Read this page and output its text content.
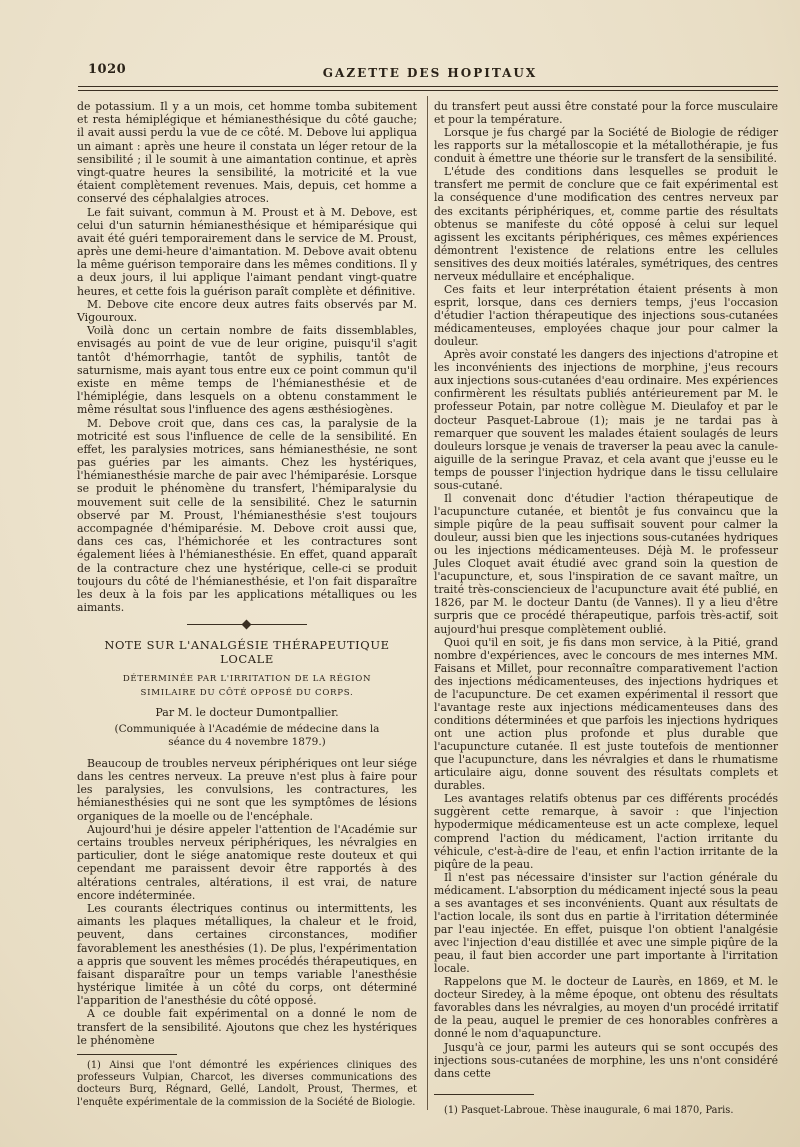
1020	GAZETTE DES HOPITAUX

de potassium. Il y a un mois, cet homme tomba subitement et resta hémiplégique et hémianesthésique du côté gauche; il avait aussi perdu la vue de ce côté. M. Debove lui appliqua un aimant : après une heure il constata un léger retour de la sensibilité ; il le soumit à une aimantation continue, et après vingt-quatre heures la sensibilité, la motricité et la vue étaient complètement revenues. Mais, depuis, cet homme a conservé des céphalalgies atroces.

Le fait suivant, commun à M. Proust et à M. Debove, est celui d'un saturnin hémianesthésique et hémiparésique qui avait été guéri temporairement dans le service de M. Proust, après une demi-heure d'aimantation. M. Debove avait obtenu la même guérison temporaire dans les mêmes conditions. Il y a deux jours, il lui applique l'aimant pendant vingt-quatre heures, et cette fois la guérison paraît complète et définitive.

M. Debove cite encore deux autres faits observés par M. Vigouroux.

Voilà donc un certain nombre de faits dissemblables, envisagés au point de vue de leur origine, puisqu'il s'agit tantôt d'hémorrhagie, tantôt de syphilis, tantôt de saturnisme, mais ayant tous entre eux ce point commun qu'il existe en même temps de l'hémianesthésie et de l'hémiplégie, dans lesquels on a obtenu constamment le même résultat sous l'influence des agens æsthésiogènes.

M. Debove croit que, dans ces cas, la paralysie de la motricité est sous l'influence de celle de la sensibilité. En effet, les paralysies motrices, sans hémianesthésie, ne sont pas guéries par les aimants. Chez les hystériques, l'hémianesthésie marche de pair avec l'hémiparésie. Lorsque se produit le phénomène du transfert, l'hémiparalysie du mouvement suit celle de la sensibilité. Chez le saturnin observé par M. Proust, l'hémianesthésie s'est toujours accompagnée d'hémiparésie. M. Debove croit aussi que, dans ces cas, l'hémichorée et les contractures sont également liées à l'hémianesthésie. En effet, quand apparaît de la contracture chez une hystérique, celle-ci se produit toujours du côté de l'hémianesthésie, et l'on fait disparaître les deux à la fois par les applications métalliques ou les aimants.

NOTE SUR L'ANALGÉSIE THÉRAPEUTIQUE LOCALE
DÉTERMINÉE PAR L'IRRITATION DE LA RÉGION SIMILAIRE DU CÔTÉ OPPOSÉ DU CORPS.
Par M. le docteur Dumontpallier.
(Communiquée à l'Académie de médecine dans la séance du 4 novembre 1879.)

Beaucoup de troubles nerveux périphériques ont leur siége dans les centres nerveux. La preuve n'est plus à faire pour les paralysies, les convulsions, les contractures, les hémianesthésies qui ne sont que les symptômes de lésions organiques de la moelle ou de l'encéphale.

Aujourd'hui je désire appeler l'attention de l'Académie sur certains troubles nerveux périphériques, les névralgies en particulier, dont le siége anatomique reste douteux et qui cependant me paraissent devoir être rapportés à des altérations centrales, altérations, il est vrai, de nature encore indéterminée.

Les courants électriques continus ou intermittents, les aimants les plaques métalliques, la chaleur et le froid, peuvent, dans certaines circonstances, modifier favorablement les anesthésies (1). De plus, l'expérimentation a appris que souvent les mêmes procédés thérapeutiques, en faisant disparaître pour un temps variable l'anesthésie hystérique limitée à un côté du corps, ont déterminé l'apparition de l'anesthésie du côté opposé.

A ce double fait expérimental on a donné le nom de transfert de la sensibilité. Ajoutons que chez les hystériques le phénomène

(1) Ainsi que l'ont démontré les expériences cliniques des professeurs Vulpian, Charcot, les diverses communications des docteurs Burq, Régnard, Gellé, Landolt, Proust, Thermes, et l'enquête expérimentale de la commission de la Société de Biologie.

du transfert peut aussi être constaté pour la force musculaire et pour la température.

Lorsque je fus chargé par la Société de Biologie de rédiger les rapports sur la métalloscopie et la métallothérapie, je fus conduit à émettre une théorie sur le transfert de la sensibilité.

L'étude des conditions dans lesquelles se produit le transfert me permit de conclure que ce fait expérimental est la conséquence d'une modification des centres nerveux par des excitants périphériques, et, comme partie des résultats obtenus se manifeste du côté opposé à celui sur lequel agissent les excitants périphériques, ces mêmes expériences démontrent l'existence de relations entre les cellules sensitives des deux moitiés latérales, symétriques, des centres nerveux médullaire et encéphalique.

Ces faits et leur interprétation étaient présents à mon esprit, lorsque, dans ces derniers temps, j'eus l'occasion d'étudier l'action thérapeutique des injections sous-cutanées médicamenteuses, employées chaque jour pour calmer la douleur.

Après avoir constaté les dangers des injections d'atropine et les inconvénients des injections de morphine, j'eus recours aux injections sous-cutanées d'eau ordinaire. Mes expériences confirmèrent les résultats publiés antérieurement par M. le professeur Potain, par notre collègue M. Dieulafoy et par le docteur Pasquet-Labroue (1); mais je ne tardai pas à remarquer que souvent les malades étaient soulagés de leurs douleurs lorsque je venais de traverser la peau avec la canule-aiguille de la seringue Pravaz, et cela avant que j'eusse eu le temps de pousser l'injection hydrique dans le tissu cellulaire sous-cutané.

Il convenait donc d'étudier l'action thérapeutique de l'acupuncture cutanée, et bientôt je fus convaincu que la simple piqûre de la peau suffisait souvent pour calmer la douleur, aussi bien que les injections sous-cutanées hydriques ou les injections médicamenteuses. Déjà M. le professeur Jules Cloquet avait étudié avec grand soin la question de l'acupuncture, et, sous l'inspiration de ce savant maître, un traité très-consciencieux de l'acupuncture avait été publié, en 1826, par M. le docteur Dantu (de Vannes). Il y a lieu d'être surpris que ce procédé thérapeutique, parfois très-actif, soit aujourd'hui presque complètement oublié.

Quoi qu'il en soit, je fis dans mon service, à la Pitié, grand nombre d'expériences, avec le concours de mes internes MM. Faisans et Millet, pour reconnaître comparativement l'action des injections médicamenteuses, des injections hydriques et de l'acupuncture. De cet examen expérimental il ressort que l'avantage reste aux injections médicamenteuses dans des conditions déterminées et que parfois les injections hydriques ont une action plus profonde et plus durable que l'acupuncture cutanée. Il est juste toutefois de mentionner que l'acupuncture, dans les névralgies et dans le rhumatisme articulaire aigu, donne souvent des résultats complets et durables.

Les avantages relatifs obtenus par ces différents procédés suggèrent cette remarque, à savoir : que l'injection hypodermique médicamenteuse est un acte complexe, lequel comprend l'action du médicament, l'action irritante du véhicule, c'est-à-dire de l'eau, et enfin l'action irritante de la piqûre de la peau.

Il n'est pas nécessaire d'insister sur l'action générale du médicament. L'absorption du médicament injecté sous la peau a ses avantages et ses inconvénients. Quant aux résultats de l'action locale, ils sont dus en partie à l'irritation déterminée par l'eau injectée. En effet, puisque l'on obtient l'analgésie avec l'injection d'eau distillée et avec une simple piqûre de la peau, il faut bien accorder une part importante à l'irritation locale.

Rappelons que M. le docteur de Laurès, en 1869, et M. le docteur Siredey, à la même époque, ont obtenu des résultats favorables dans les névralgies, au moyen d'un procédé irritatif de la peau, auquel le premier de ces honorables confrères a donné le nom d'aquapuncture.

Jusqu'à ce jour, parmi les auteurs qui se sont occupés des injections sous-cutanées de morphine, les uns n'ont considéré dans cette

(1) Pasquet-Labroue. Thèse inaugurale, 6 mai 1870, Paris.
